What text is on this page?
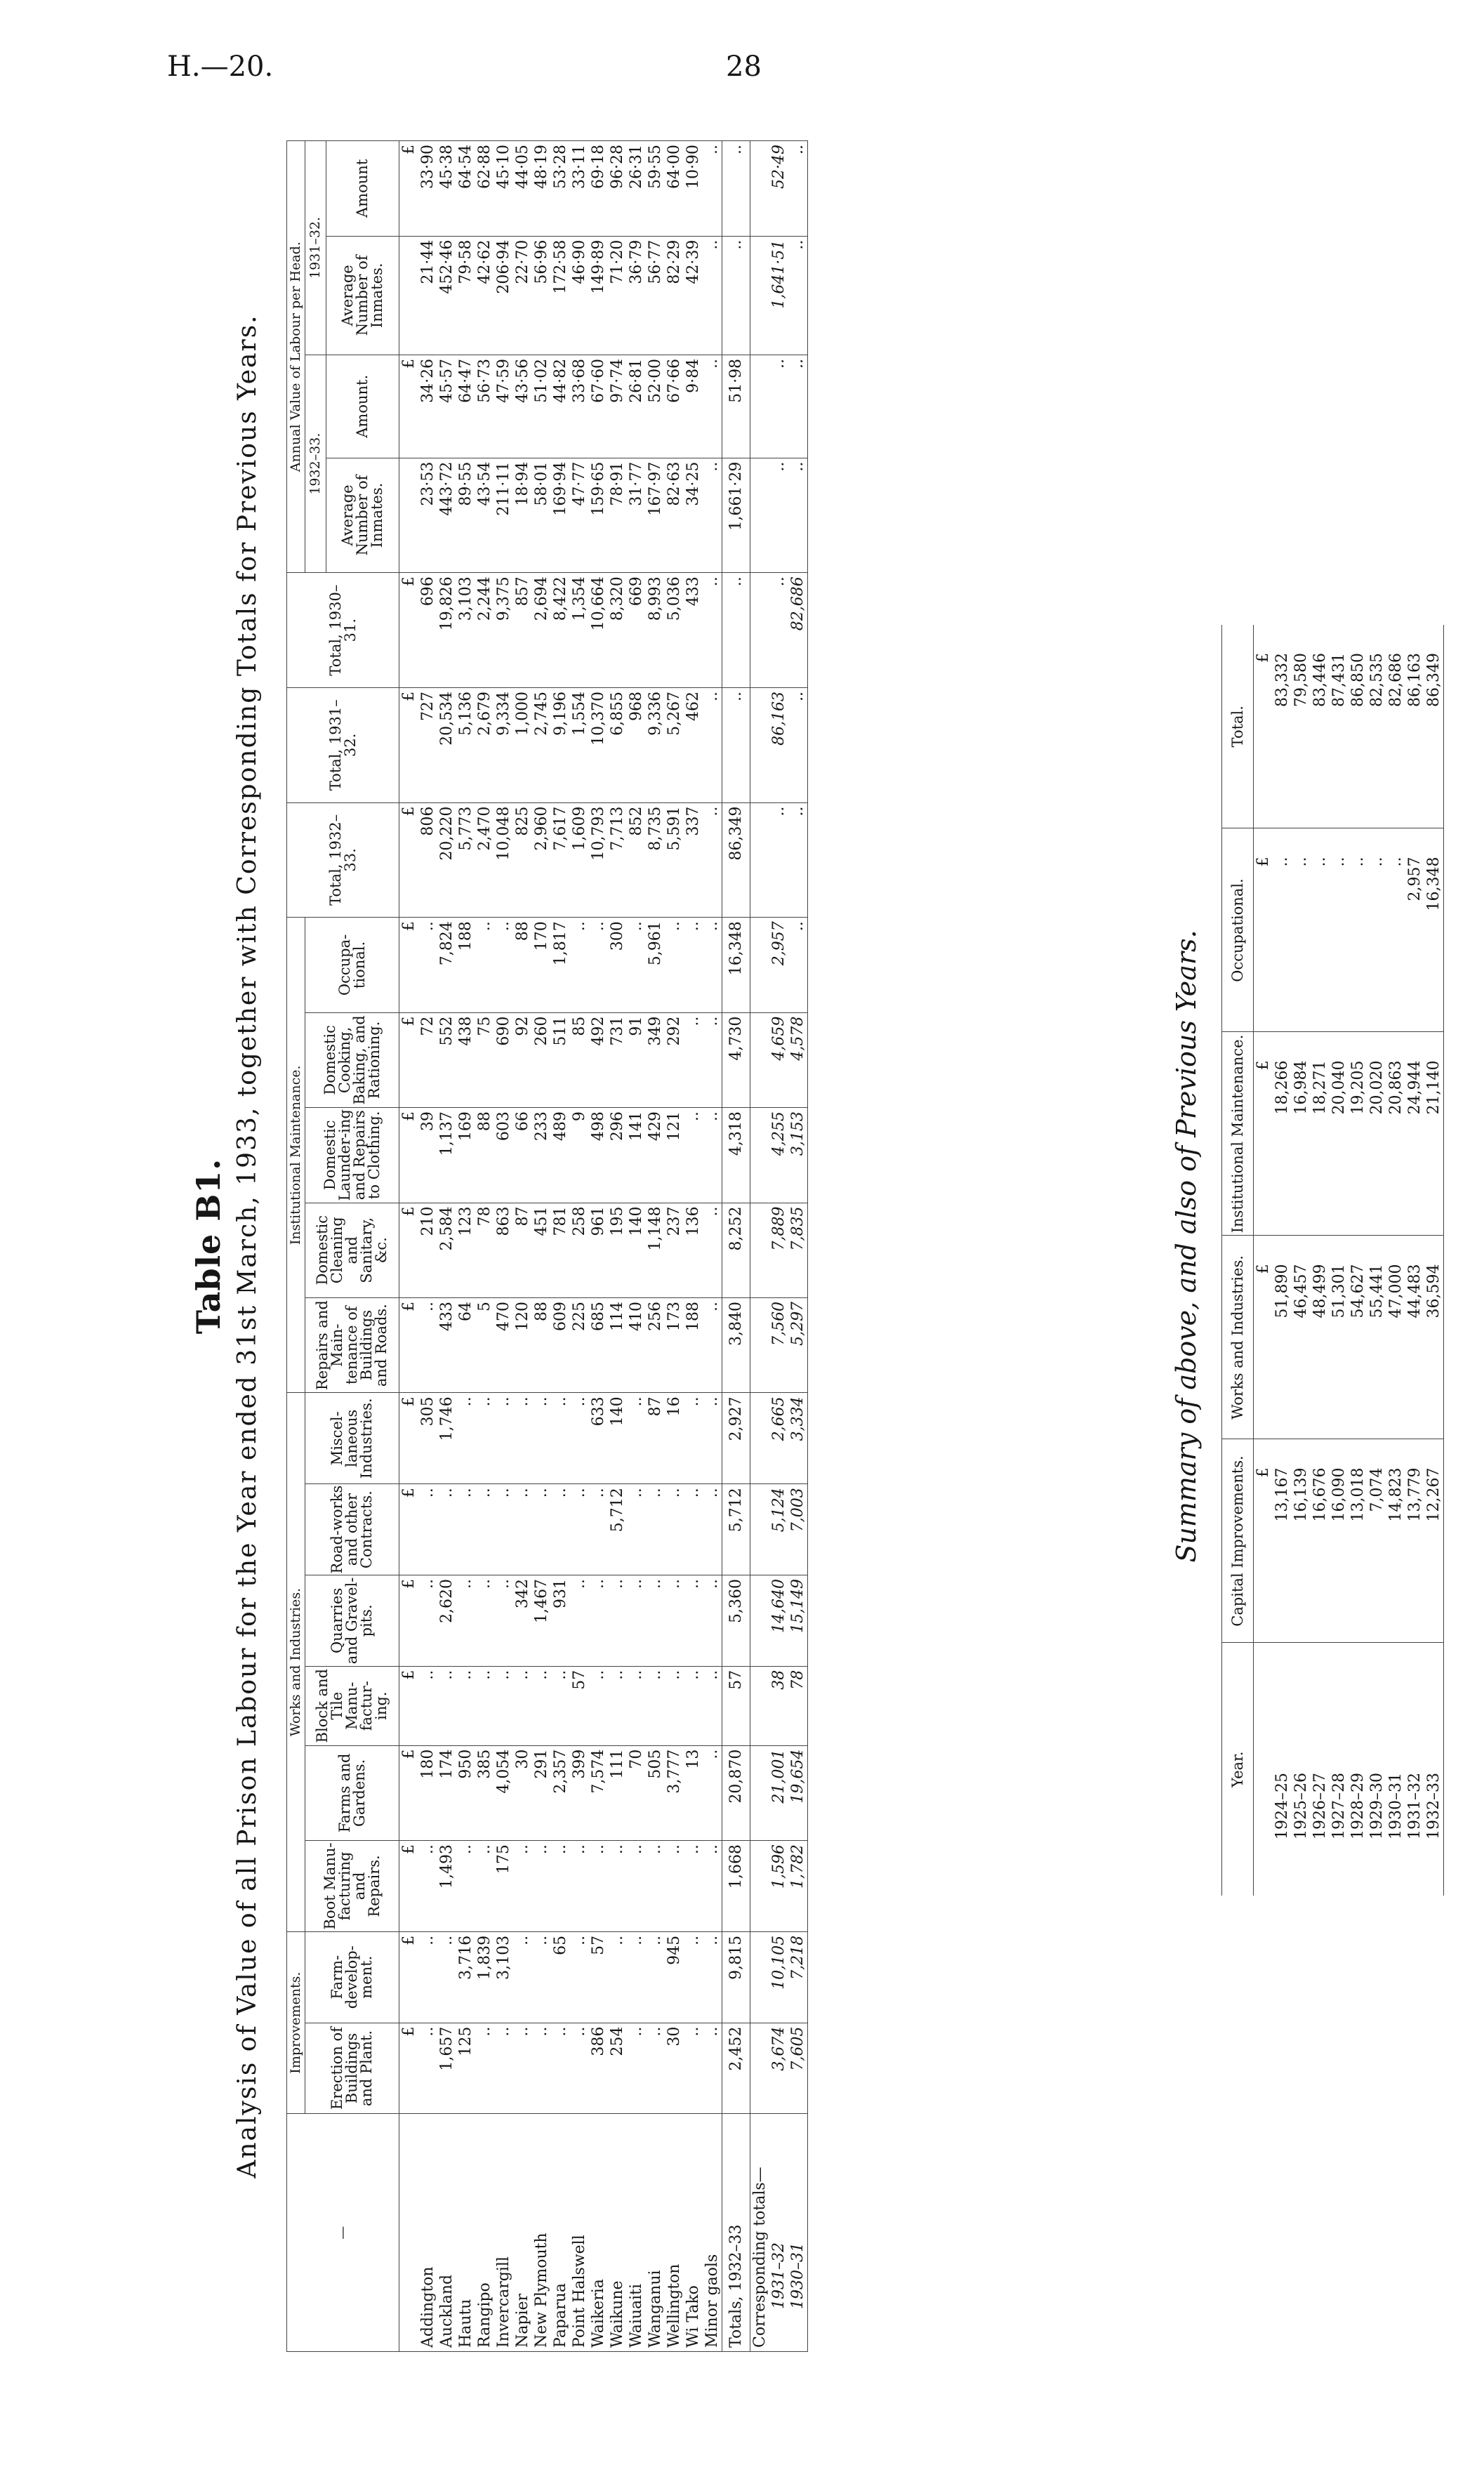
H.—20.	28
Table B1. Analysis of Value of all Prison Labour for the Year ended 31st March, 1933, together with Corresponding Totals for Previous Years.
—	Improvements.		Works and Industries.						Institutional Maintenance.					Total, 1932–33.	Total, 1931–32.	Total, 1930–31.	Annual Value of Labour per Head.			
	Erection of Buildings and Plant.	Farm-develop-ment.	Boot Manu-facturing and Repairs.	Farms and Gardens.	Block and Tile Manu-factur-ing.	Quarries and Gravel-pits.	Road-works and other Contracts.	Miscel-laneous Industries.	Repairs and Main-tenance of Buildings and Roads.	Domestic Cleaning and Sanitary, &c.	Domestic Launder-ing and Repairs to Clothing.	Domestic Cooking, Baking, and Rationing.	Occupa-tional.				1932–33.		1931–32.	
																	Average Number of Inmates.	Amount.	Average Number of Inmates.	Amount
	£	£	£	£	£	£	£	£	£	£	£	£	£	£	£	£		£		£
Addington	..	..	..	180	..	..	..	305	..	210	39	72	..	806	727	696	23·53	34·26	21·44	33·90
Auckland	1,657	..	1,493	174	..	2,620	..	1,746	433	2,584	1,137	552	7,824	20,220	20,534	19,826	443·72	45·57	452·46	45·38
Hautu	125	3,716	..	950	..	..	..	..	64	123	169	438	188	5,773	5,136	3,103	89·55	64·47	79·58	64·54
Rangipo	..	1,839	..	385	..	..	..	..	5	78	88	75	..	2,470	2,679	2,244	43·54	56·73	42·62	62·88
Invercargill	..	3,103	175	4,054	..	..	..	..	470	863	603	690	..	10,048	9,334	9,375	211·11	47·59	206·94	45·10
Napier	..	..	..	30	..	342	..	..	120	87	66	92	88	825	1,000	857	18·94	43·56	22·70	44·05
New Plymouth	..	..	..	291	..	1,467	..	..	88	451	233	260	170	2,960	2,745	2,694	58·01	51·02	56·96	48·19
Paparua	..	65	..	2,357	..	931	..	..	609	781	489	511	1,817	7,617	9,196	8,422	169·94	44·82	172·58	53·28
Point Halswell	..	..	..	399	57	..	..	..	225	258	9	85	..	1,609	1,554	1,354	47·77	33·68	46·90	33·11
Waikeria	386	57	..	7,574	..	..	..	633	685	961	498	492	..	10,793	10,370	10,664	159·65	67·60	149·89	69·18
Waikune	254	..	..	111	..	..	5,712	140	114	195	296	731	300	7,713	6,855	8,320	78·91	97·74	71·20	96·28
Waiuaiti	..	..	..	70	..	..	..	..	410	140	141	91	..	852	968	669	31·77	26·81	36·79	26·31
Wanganui	..	..	..	505	..	..	..	87	256	1,148	429	349	5,961	8,735	9,336	8,993	167·97	52·00	56·77	59·55
Wellington	30	945	..	3,777	..	..	..	16	173	237	121	292	..	5,591	5,267	5,036	82·63	67·66	82·29	64·00
Wi Tako	..	..	..	13	..	..	..	..	188	136	..	..	..	337	462	433	34·25	9·84	42·39	10·90
Minor gaols	..	..	..	..	..	..	..	..	..	..	..	..	..	..	..	..	..	..	..	..
Totals, 1932–33	2,452	9,815	1,668	20,870	57	5,360	5,712	2,927	3,840	8,252	4,318	4,730	16,348	86,349	..	..	1,661·29	51·98	..	..
Corresponding totals—																				
1931–32	3,674	10,105	1,596	21,001	38	14,640	5,124	2,665	7,560	7,889	4,255	4,659	2,957	..	86,163	..	..	..	1,641·51	52·49
1930–31	7,605	7,218	1,782	19,654	78	15,149	7,003	3,334	5,297	7,835	3,153	4,578	..	..	..	82,686	..	..	..	..
Summary of above, and also of Previous Years.
Year.	Capital Improvements.	Works and Industries.	Institutional Maintenance.	Occupational.	Total.
	£	£	£	£	£
1924–25	13,167	51,890	18,266	..	83,332
1925–26	16,139	46,457	16,984	..	79,580
1926–27	16,676	48,499	18,271	..	83,446
1927–28	16,090	51,301	20,040	..	87,431
1928–29	13,018	54,627	19,205	..	86,850
1929–30	7,074	55,441	20,020	..	82,535
1930–31	14,823	47,000	20,863	..	82,686
1931–32	13,779	44,483	24,944	2,957	86,163
1932–33	12,267	36,594	21,140	16,348	86,349
